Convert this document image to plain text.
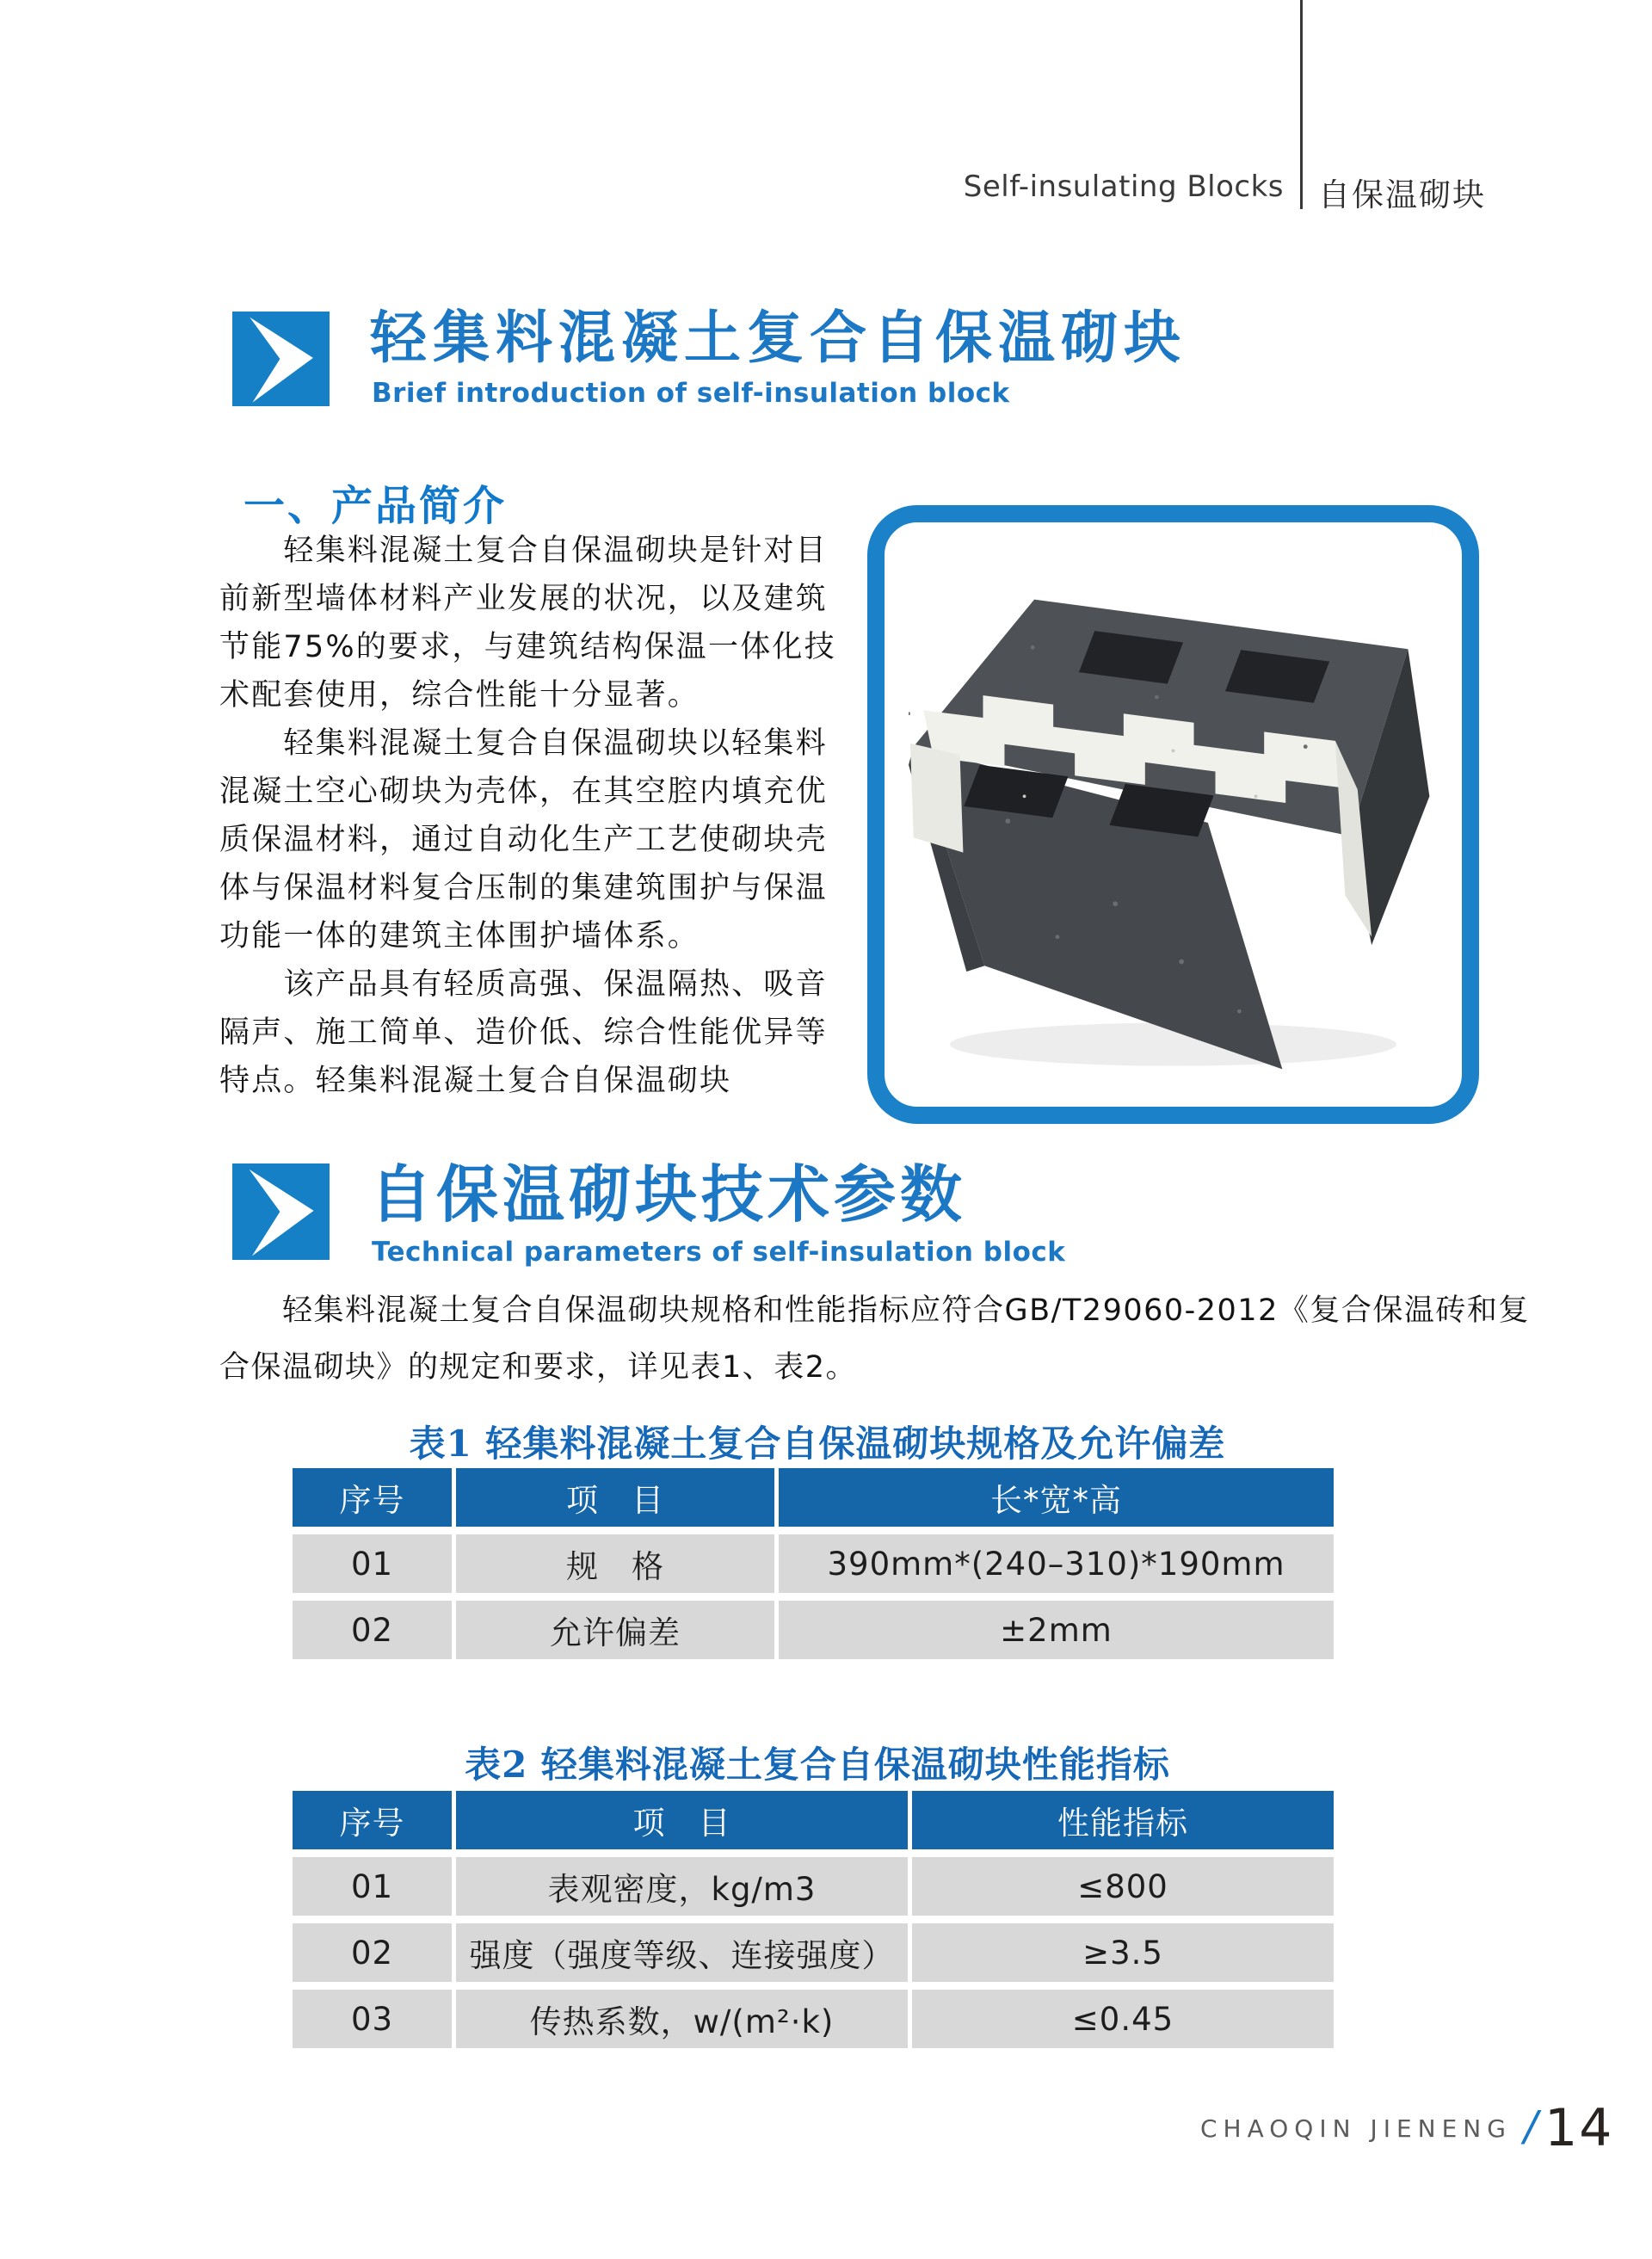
Self-insulating Blocks 自保温砌块
轻集料混凝土复合自保温砌块
Brief introduction of self-insulation block
一、产品简介
　　轻集料混凝土复合自保温砌块是针对目
前新型墙体材料产业发展的状况，以及建筑
节能75%的要求，与建筑结构保温一体化技
术配套使用，综合性能十分显著。
　　轻集料混凝土复合自保温砌块以轻集料
混凝土空心砌块为壳体，在其空腔内填充优
质保温材料，通过自动化生产工艺使砌块壳
体与保温材料复合压制的集建筑围护与保温
功能一体的建筑主体围护墙体系。
　　该产品具有轻质高强、保温隔热、吸音
隔声、施工简单、造价低、综合性能优异等
特点。轻集料混凝土复合自保温砌块
自保温砌块技术参数
Technical parameters of self-insulation block
　　轻集料混凝土复合自保温砌块规格和性能指标应符合GB/T29060-2012《复合保温砖和复
合保温砌块》的规定和要求，详见表1、表2。
表1 轻集料混凝土复合自保温砌块规格及允许偏差
序号	项　目	长*宽*高
01	规　格	390mm*(240–310)*190mm
02	允许偏差	±2mm
表2 轻集料混凝土复合自保温砌块性能指标
序号	项　目	性能指标
01	表观密度，kg/m3	≤800
02	强度（强度等级、连接强度）	≥3.5
03	传热系数，w/(m²·k)	≤0.45
CHAOQIN JIENENG / 14
